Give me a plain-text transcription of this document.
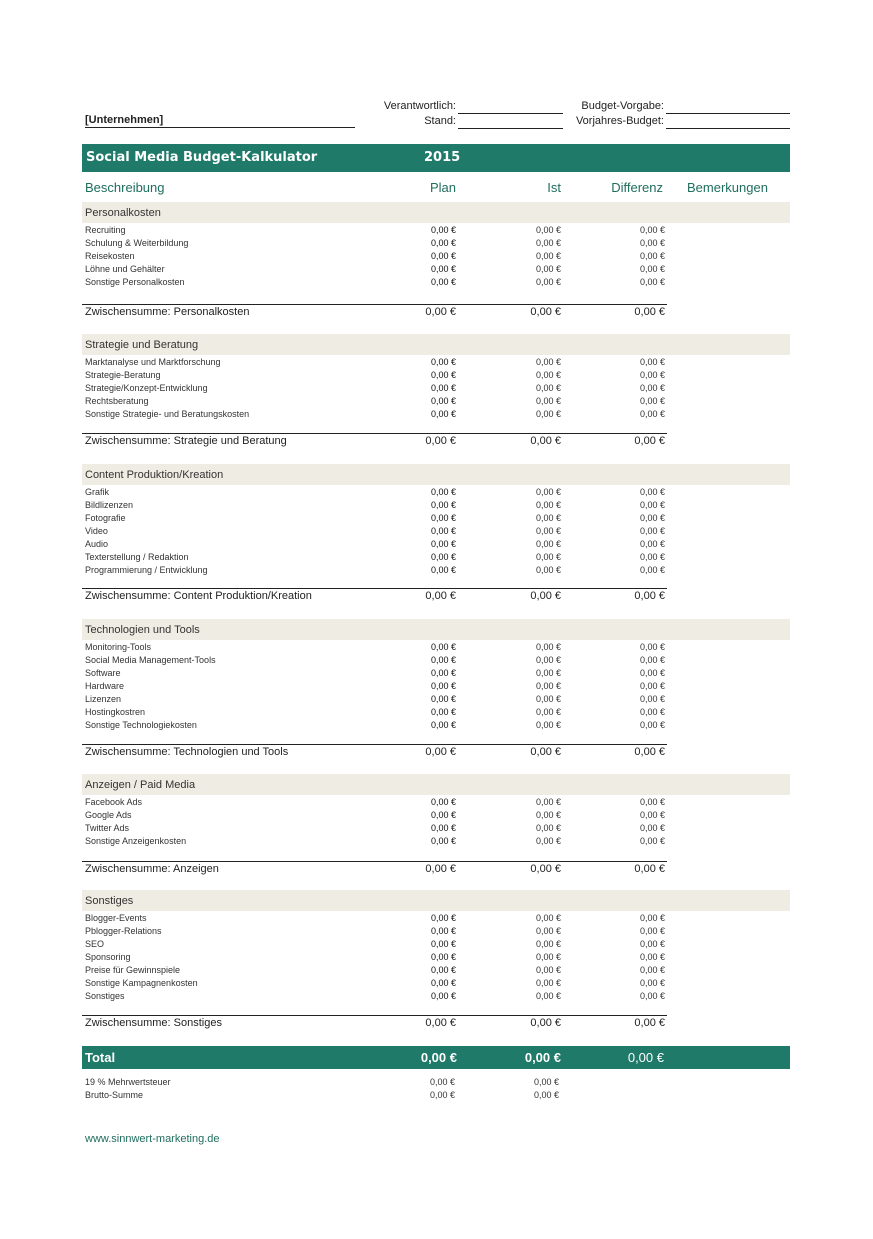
[Unternehmen]
Verantwortlich:
Stand:
Budget-Vorgabe:
Vorjahres-Budget:
Social Media Budget-Kalkulator	2015
Beschreibung	Plan	Ist	Differenz Bemerkungen
Personalkosten
Recruiting	0,00 €	0,00 €	0,00 €
Schulung & Weiterbildung	0,00 €	0,00 €	0,00 €
Reisekosten	0,00 €	0,00 €	0,00 €
Löhne und Gehälter	0,00 €	0,00 €	0,00 €
Sonstige Personalkosten	0,00 €	0,00 €	0,00 €
Zwischensumme: Personalkosten	0,00 €	0,00 €	0,00 €
Strategie und Beratung
Marktanalyse und Marktforschung	0,00 €	0,00 €	0,00 €
Strategie-Beratung	0,00 €	0,00 €	0,00 €
Strategie/Konzept-Entwicklung	0,00 €	0,00 €	0,00 €
Rechtsberatung	0,00 €	0,00 €	0,00 €
Sonstige Strategie- und Beratungskosten	0,00 €	0,00 €	0,00 €
Zwischensumme: Strategie und Beratung	0,00 €	0,00 €	0,00 €
Content Produktion/Kreation
Grafik	0,00 €	0,00 €	0,00 €
Bildlizenzen	0,00 €	0,00 €	0,00 €
Fotografie	0,00 €	0,00 €	0,00 €
Video	0,00 €	0,00 €	0,00 €
Audio	0,00 €	0,00 €	0,00 €
Texterstellung / Redaktion	0,00 €	0,00 €	0,00 €
Programmierung / Entwicklung	0,00 €	0,00 €	0,00 €
Zwischensumme: Content Produktion/Kreation	0,00 €	0,00 €	0,00 €
Technologien und Tools
Monitoring-Tools	0,00 €	0,00 €	0,00 €
Social Media Management-Tools	0,00 €	0,00 €	0,00 €
Software	0,00 €	0,00 €	0,00 €
Hardware	0,00 €	0,00 €	0,00 €
Lizenzen	0,00 €	0,00 €	0,00 €
Hostingkostren	0,00 €	0,00 €	0,00 €
Sonstige Technologiekosten	0,00 €	0,00 €	0,00 €
Zwischensumme: Technologien und Tools	0,00 €	0,00 €	0,00 €
Anzeigen / Paid Media
Facebook Ads	0,00 €	0,00 €	0,00 €
Google Ads	0,00 €	0,00 €	0,00 €
Twitter Ads	0,00 €	0,00 €	0,00 €
Sonstige Anzeigenkosten	0,00 €	0,00 €	0,00 €
Zwischensumme: Anzeigen	0,00 €	0,00 €	0,00 €
Sonstiges
Blogger-Events	0,00 €	0,00 €	0,00 €
Pblogger-Relations	0,00 €	0,00 €	0,00 €
SEO	0,00 €	0,00 €	0,00 €
Sponsoring	0,00 €	0,00 €	0,00 €
Preise für Gewinnspiele	0,00 €	0,00 €	0,00 €
Sonstige Kampagnenkosten	0,00 €	0,00 €	0,00 €
Sonstiges	0,00 €	0,00 €	0,00 €
Zwischensumme: Sonstiges	0,00 €	0,00 €	0,00 €
Total	0,00 €	0,00 €	0,00 €
19 % Mehrwertsteuer	0,00 €	0,00 €
Brutto-Summe	0,00 €	0,00 €
www.sinnwert-marketing.de
